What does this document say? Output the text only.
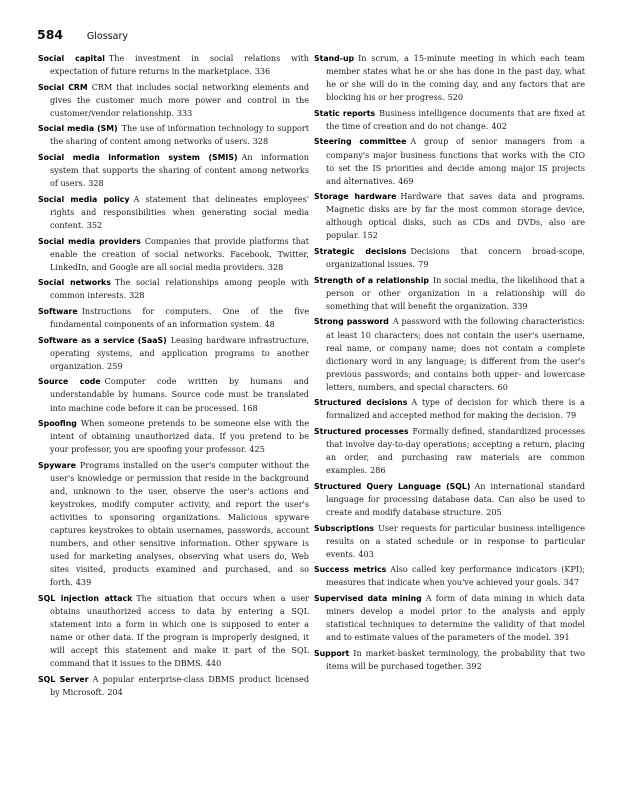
584	Glossary

Social capital The investment in social relations with expectation of future returns in the marketplace. 336

Social CRM CRM that includes social networking elements and gives the customer much more power and control in the customer/vendor relationship. 333

Social media (SM) The use of information technology to support the sharing of content among networks of users. 328

Social media information system (SMIS) An information system that supports the sharing of content among networks of users. 328

Social media policy A statement that delineates employees' rights and responsibilities when generating social media content. 352

Social media providers Companies that provide platforms that enable the creation of social networks. Facebook, Twitter, LinkedIn, and Google are all social media providers. 328

Social networks The social relationships among people with common interests. 328

Software Instructions for computers. One of the five fundamental components of an information system. 48

Software as a service (SaaS) Leasing hardware infrastructure, operating systems, and application programs to another organization. 259

Source code Computer code written by humans and understandable by humans. Source code must be translated into machine code before it can be processed. 168

Spoofing When someone pretends to be someone else with the intent of obtaining unauthorized data. If you pretend to be your professor, you are spoofing your professor. 425

Spyware Programs installed on the user's computer without the user's knowledge or permission that reside in the background and, unknown to the user, observe the user's actions and keystrokes, modify computer activity, and report the user's activities to sponsoring organizations. Malicious spyware captures keystrokes to obtain usernames, passwords, account numbers, and other sensitive information. Other spyware is used for marketing analyses, observing what users do, Web sites visited, products examined and purchased, and so forth. 439

SQL injection attack The situation that occurs when a user obtains unauthorized access to data by entering a SQL statement into a form in which one is supposed to enter a name or other data. If the program is improperly designed, it will accept this statement and make it part of the SQL command that it issues to the DBMS. 440

SQL Server A popular enterprise-class DBMS product licensed by Microsoft. 204

Stand-up In scrum, a 15-minute meeting in which each team member states what he or she has done in the past day, what he or she will do in the coming day, and any factors that are blocking his or her progress. 520

Static reports Business intelligence documents that are fixed at the time of creation and do not change. 402

Steering committee A group of senior managers from a company's major business functions that works with the CIO to set the IS priorities and decide among major IS projects and alternatives. 469

Storage hardware Hardware that saves data and programs. Magnetic disks are by far the most common storage device, although optical disks, such as CDs and DVDs, also are popular. 152

Strategic decisions Decisions that concern broad-scope, organizational issues. 79

Strength of a relationship In social media, the likelihood that a person or other organization in a relationship will do something that will benefit the organization. 339

Strong password A password with the following characteristics: at least 10 characters; does not contain the user's username, real name, or company name; does not contain a complete dictionary word in any language; is different from the user's previous passwords; and contains both upper- and lowercase letters, numbers, and special characters. 60

Structured decisions A type of decision for which there is a formalized and accepted method for making the decision. 79

Structured processes Formally defined, standardized processes that involve day-to-day operations; accepting a return, placing an order, and purchasing raw materials are common examples. 286

Structured Query Language (SQL) An international standard language for processing database data. Can also be used to create and modify database structure. 205

Subscriptions User requests for particular business intelligence results on a stated schedule or in response to particular events. 403

Success metrics Also called key performance indicators (KPI); measures that indicate when you've achieved your goals. 347

Supervised data mining A form of data mining in which data miners develop a model prior to the analysis and apply statistical techniques to determine the validity of that model and to estimate values of the parameters of the model. 391

Support In market-basket terminology, the probability that two items will be purchased together. 392
